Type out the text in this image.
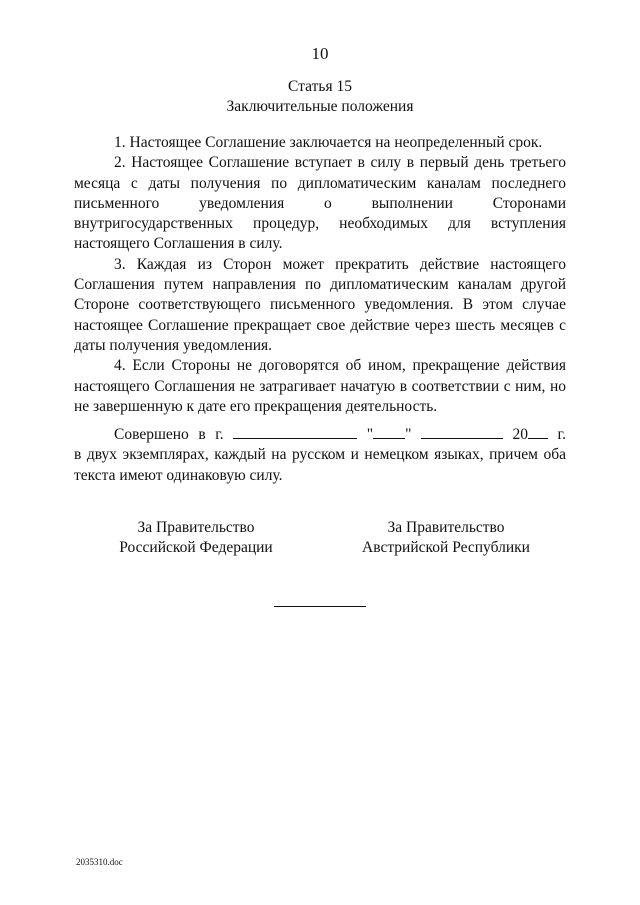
10
Статья 15
Заключительные положения

1. Настоящее Соглашение заключается на неопределенный срок.

2. Настоящее Соглашение вступает в силу в первый день третьего месяца с даты получения по дипломатическим каналам последнего письменного уведомления о выполнении Сторонами внутригосударственных процедур, необходимых для вступления настоящего Соглашения в силу.

3. Каждая из Сторон может прекратить действие настоящего Соглашения путем направления по дипломатическим каналам другой Стороне соответствующего письменного уведомления. В этом случае настоящее Соглашение прекращает свое действие через шесть месяцев с даты получения уведомления.

4. Если Стороны не договорятся об ином, прекращение действия настоящего Соглашения не затрагивает начатую в соответствии с ним, но не завершенную к дате его прекращения деятельность.

Совершено в г.	" "	20	г.
в двух экземплярах, каждый на русском и немецком языках, причем оба текста имеют одинаковую силу.
За Правительство
Российской Федерации
За Правительство
Австрийской Республики
2035310.doc
